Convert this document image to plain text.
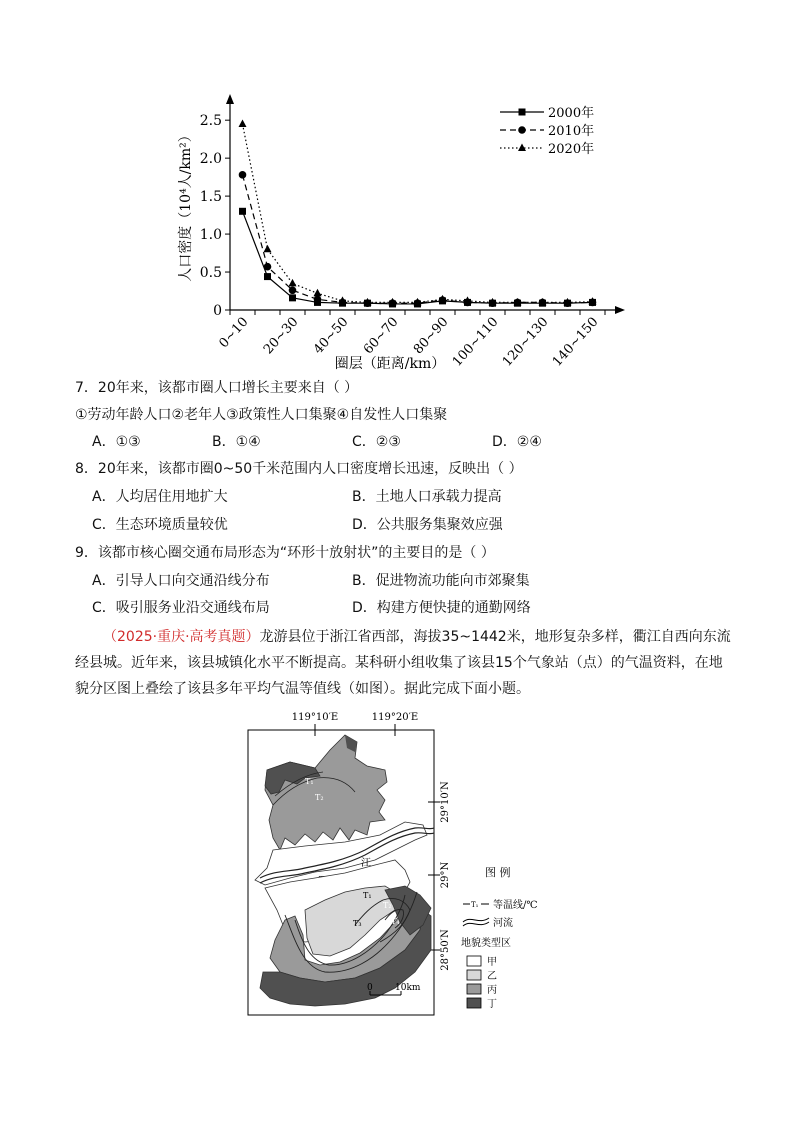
人口密度（10⁴人/km²）
圈层（距离/km）
0
0.5
1.0
1.5
2.0
2.5
0~10 20~30 40~50 60~70 80~90
100~110
120~130
140~150
2000年
2010年
2020年
7．20年来，该都市圈人口增长主要来自（ ）
①劳动年龄人口②老年人③政策性人口集聚④自发性人口集聚
A．①③	B．①④	C．②③	D．②④
8．20年来，该都市圈0~50千米范围内人口密度增长迅速，反映出（ ）
A．人均居住用地扩大	B．土地人口承载力提高
C．生态环境质量较优	D．公共服务集聚效应强
9．该都市核心圈交通布局形态为“环形十放射状”的主要目的是（ ）
A．引导人口向交通沿线分布	B．促进物流功能向市郊聚集
C．吸引服务业沿交通线布局	D．构建方便快捷的通勤网络
（2025·重庆·高考真题）龙游县位于浙江省西部，海拔35~1442米，地形复杂多样，衢江自西向东流经县城。近年来，该县城镇化水平不断提高。某科研小组收集了该县15个气象站（点）的气温资料，在地貌分区图上叠绘了该县多年平均气温等值线（如图）。据此完成下面小题。
119°10′E	119°20′E
29°10′N
29°N
28°50′N
T₁
T₂
江
T₁
T₂
T₃	T₄
0 10km
图 例
T₁ 等温线/℃
河流
地貌类型区
甲
乙
丙
丁
